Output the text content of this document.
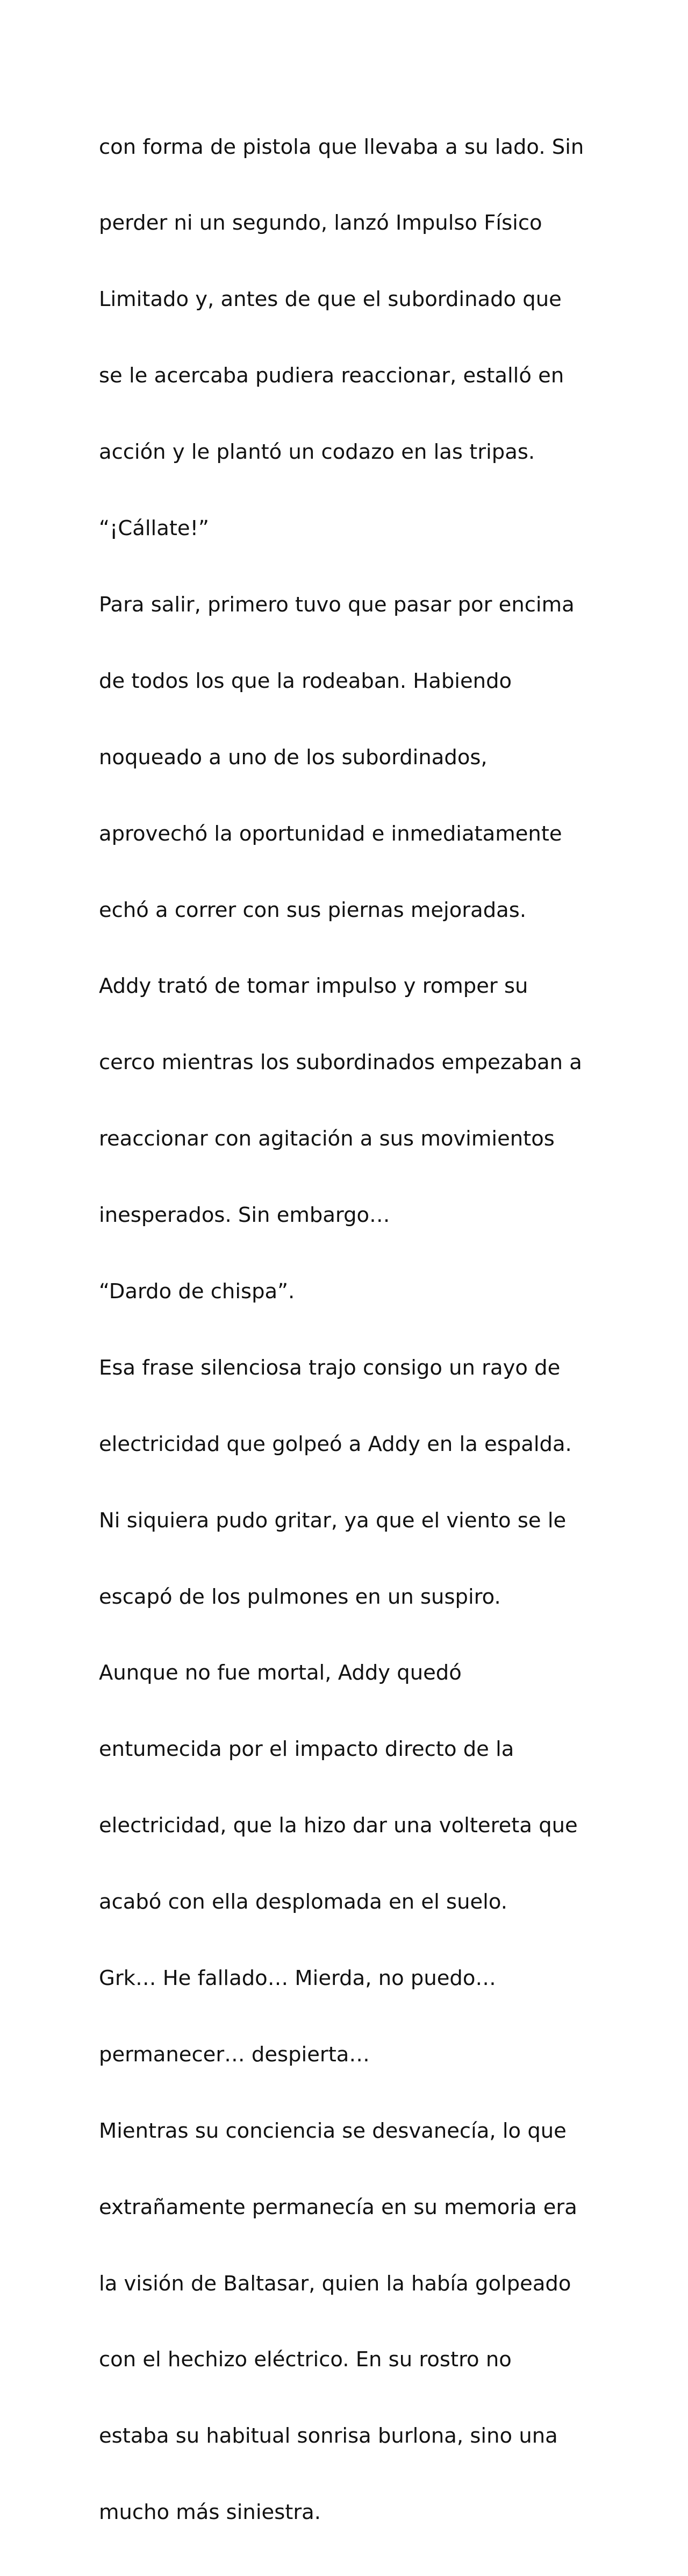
con forma de pistola que llevaba a su lado. Sin

perder ni un segundo, lanzó Impulso Físico

Limitado y, antes de que el subordinado que

se le acercaba pudiera reaccionar, estalló en

acción y le plantó un codazo en las tripas.

“¡Cállate!”

Para salir, primero tuvo que pasar por encima

de todos los que la rodeaban. Habiendo

noqueado a uno de los subordinados,

aprovechó la oportunidad e inmediatamente

echó a correr con sus piernas mejoradas.

Addy trató de tomar impulso y romper su

cerco mientras los subordinados empezaban a

reaccionar con agitación a sus movimientos

inesperados. Sin embargo…

“Dardo de chispa”.

Esa frase silenciosa trajo consigo un rayo de

electricidad que golpeó a Addy en la espalda.

Ni siquiera pudo gritar, ya que el viento se le

escapó de los pulmones en un suspiro.

Aunque no fue mortal, Addy quedó

entumecida por el impacto directo de la

electricidad, que la hizo dar una voltereta que

acabó con ella desplomada en el suelo.

Grk… He fallado… Mierda, no puedo…

permanecer… despierta…

Mientras su conciencia se desvanecía, lo que

extrañamente permanecía en su memoria era

la visión de Baltasar, quien la había golpeado

con el hechizo eléctrico. En su rostro no

estaba su habitual sonrisa burlona, sino una

mucho más siniestra.
